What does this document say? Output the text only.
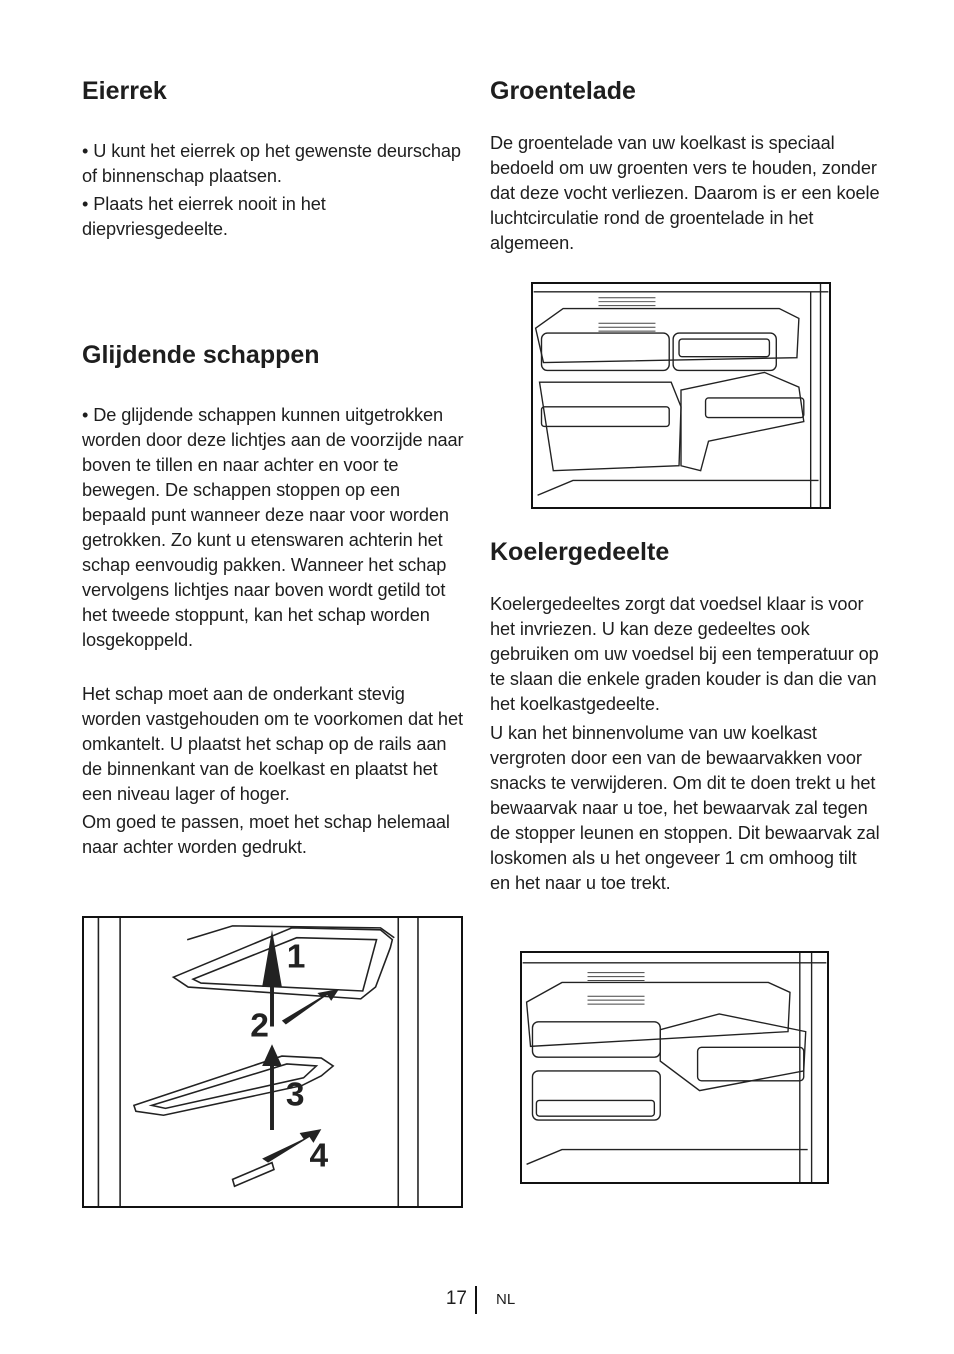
Eierrek

• U kunt het eierrek op het gewenste deurschap of binnenschap plaatsen.

• Plaats het eierrek nooit in het diepvriesgedeelte.

Glijdende schappen

• De glijdende schappen kunnen uitgetrokken worden door deze lichtjes aan de voorzijde naar boven te tillen en naar achter en voor te bewegen. De schappen stoppen op een bepaald punt wanneer deze naar voor worden getrokken. Zo kunt u etenswaren achterin het schap eenvoudig pakken. Wanneer het schap vervolgens lichtjes naar boven wordt getild tot het tweede stoppunt, kan het schap worden losgekoppeld.

Het schap moet aan de onderkant stevig worden vastgehouden om te voorkomen dat het omkantelt. U plaatst het schap op de rails aan de binnenkant van de koelkast en plaatst het een niveau lager of hoger.

Om goed te passen, moet het schap helemaal naar achter worden gedrukt.

1
2
3
4
Groentelade

De groentelade van uw koelkast is speciaal bedoeld om uw groenten vers te houden, zonder dat deze vocht verliezen. Daarom is er een koele luchtcirculatie rond de groentelade in het algemeen.

Koelergedeelte

Koelergedeeltes zorgt dat voedsel klaar is voor het invriezen. U kan deze gedeeltes ook gebruiken om uw voedsel bij een temperatuur op te slaan die enkele graden kouder is dan die van het koelkastgedeelte.

U kan het binnenvolume van uw koelkast vergroten door een van de bewaarvakken voor snacks te verwijderen. Om dit te doen trekt u het bewaarvak naar u toe, het bewaarvak zal tegen de stopper leunen en stoppen. Dit bewaarvak zal loskomen als u het ongeveer 1 cm omhoog tilt en het naar u toe trekt.

17 NL
